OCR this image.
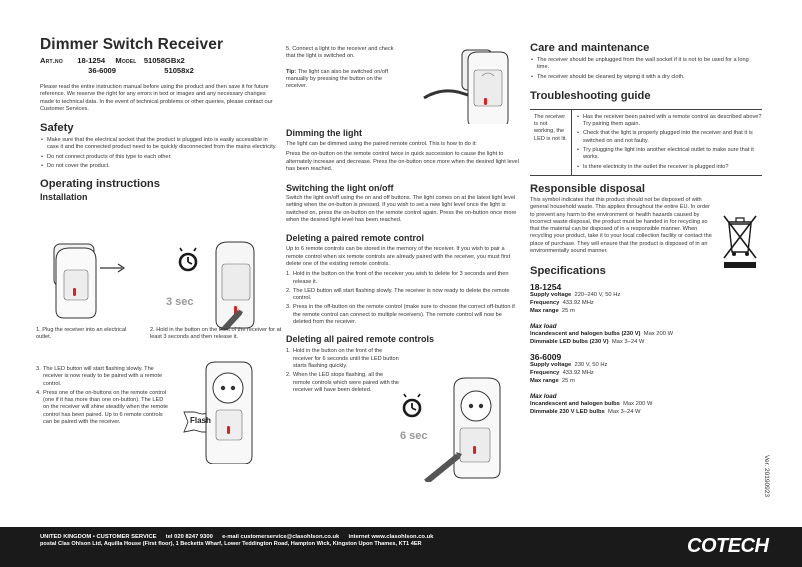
Dimmer Switch Receiver
Art.no 18-1254 Model 51058GBx2
36-6009	51058x2
Please read the entire instruction manual before using the product and then save it for future reference. We reserve the right for any errors in text or images and any necessary changes made to technical data. In the event of technical problems or other queries, please contact our Customer Services.
Safety
• Make sure that the electrical socket that the product is plugged into is easily accessible in case it and the connected product need to be quickly disconnected from the mains electricity.
• Do not connect products of this type to each other.
• Do not cover the product.
Operating instructions
Installation
3 sec
1. Plug the receiver into an electrical outlet.
2. Hold in the button on the front of the receiver for at least 3 seconds and then release it.
3. The LED button will start flashing slowly. The receiver is now ready to be paired with a remote control.
4. Press one of the on-buttons on the remote control (one if it has more than one on-button). The LED on the receiver will shine steadily when the remote control has been paired. Up to 6 remote controls can be paired with the receiver.	Flash
5. Connect a light to the receiver and check that the light is switched on.
Tip: The light can also be switched on/off manually by pressing the button on the receiver.
Dimming the light
The light can be dimmed using the paired remote control. This is how to do it:
Press the on-button on the remote control twice in quick succession to cause the light to alternately increase and decrease. Press the on-button once more when the desired light level has been reached.
Switching the light on/off
Switch the light on/off using the on and off buttons. The light comes on at the latest light level setting when the on-button is pressed. If you wish to set a new light level once the light is switched on, press the on-button on the remote control again. Press the on-button once more when the desired light level has been reached.
Deleting a paired remote control
Up to 6 remote controls can be stored in the memory of the receiver. If you wish to pair a remote control when six remote controls are already paired with the receiver, you must first delete one of the existing remote controls.
1. Hold in the button on the front of the receiver you wish to delete for 3 seconds and then release it.
2. The LED button will start flashing slowly. The receiver is now ready to delete the remote control.
3. Press in the off-button on the remote control (make sure to choose the correct off-button if the remote control can connect to multiple receivers). The remote control will now be deleted from the receiver.
Deleting all paired remote controls
1. Hold in the button on the front of the receiver for 6 seconds until the LED button starts flashing quickly.
2. When the LED stops flashing, all the remote controls which were paired with the receiver will have been deleted.
6 sec
Care and maintenance
• The receiver should be unplugged from the wall socket if it is not to be used for a long time.
• The receiver should be cleaned by wiping it with a dry cloth.
Troubleshooting guide
The receiver is not working, the LED is not lit.
• Has the receiver been paired with a remote control as described above? Try pairing them again.
• Check that the light is properly plugged into the receiver and that it is switched on and not faulty.
• Try plugging the light into another electrical outlet to make sure that it works.
• Is there electricity in the outlet the receiver is plugged into?
Responsible disposal
This symbol indicates that this product should not be disposed of with general household waste. This applies throughout the entire EU. In order to prevent any harm to the environment or health hazards caused by incorrect waste disposal, the product must be handed in for recycling so that the material can be disposed of in a responsible manner. When recycling your product, take it to your local collection facility or contact the place of purchase. They will ensure that the product is disposed of in an environmentally sound manner.
Specifications
18-1254
Supply voltage 220–240 V, 50 Hz
Frequency 433.92 MHz
Max range 25 m
Max load
Incandescent and halogen bulbs (230 V) Max 200 W
Dimmable LED bulbs (230 V) Max 3–24 W
36-6009
Supply voltage 230 V, 50 Hz
Frequency 433.92 MHz
Max range 25 m
Max load
Incandescent and halogen bulbs Max 200 W
Dimmable 230 V LED bulbs Max 3–24 W
Ver. 20190923
UNITED KINGDOM • CUSTOMER SERVICE tel 020 8247 9300 e-mail customerservice@clasohlson.co.uk internet www.clasohlson.co.uk
postal Clas Ohlson Ltd, Aquilla House (First floor), 1 Becketts Wharf, Lower Teddington Road, Hampton Wick, Kingston Upon Thames, KT1 4ER	COTECH
